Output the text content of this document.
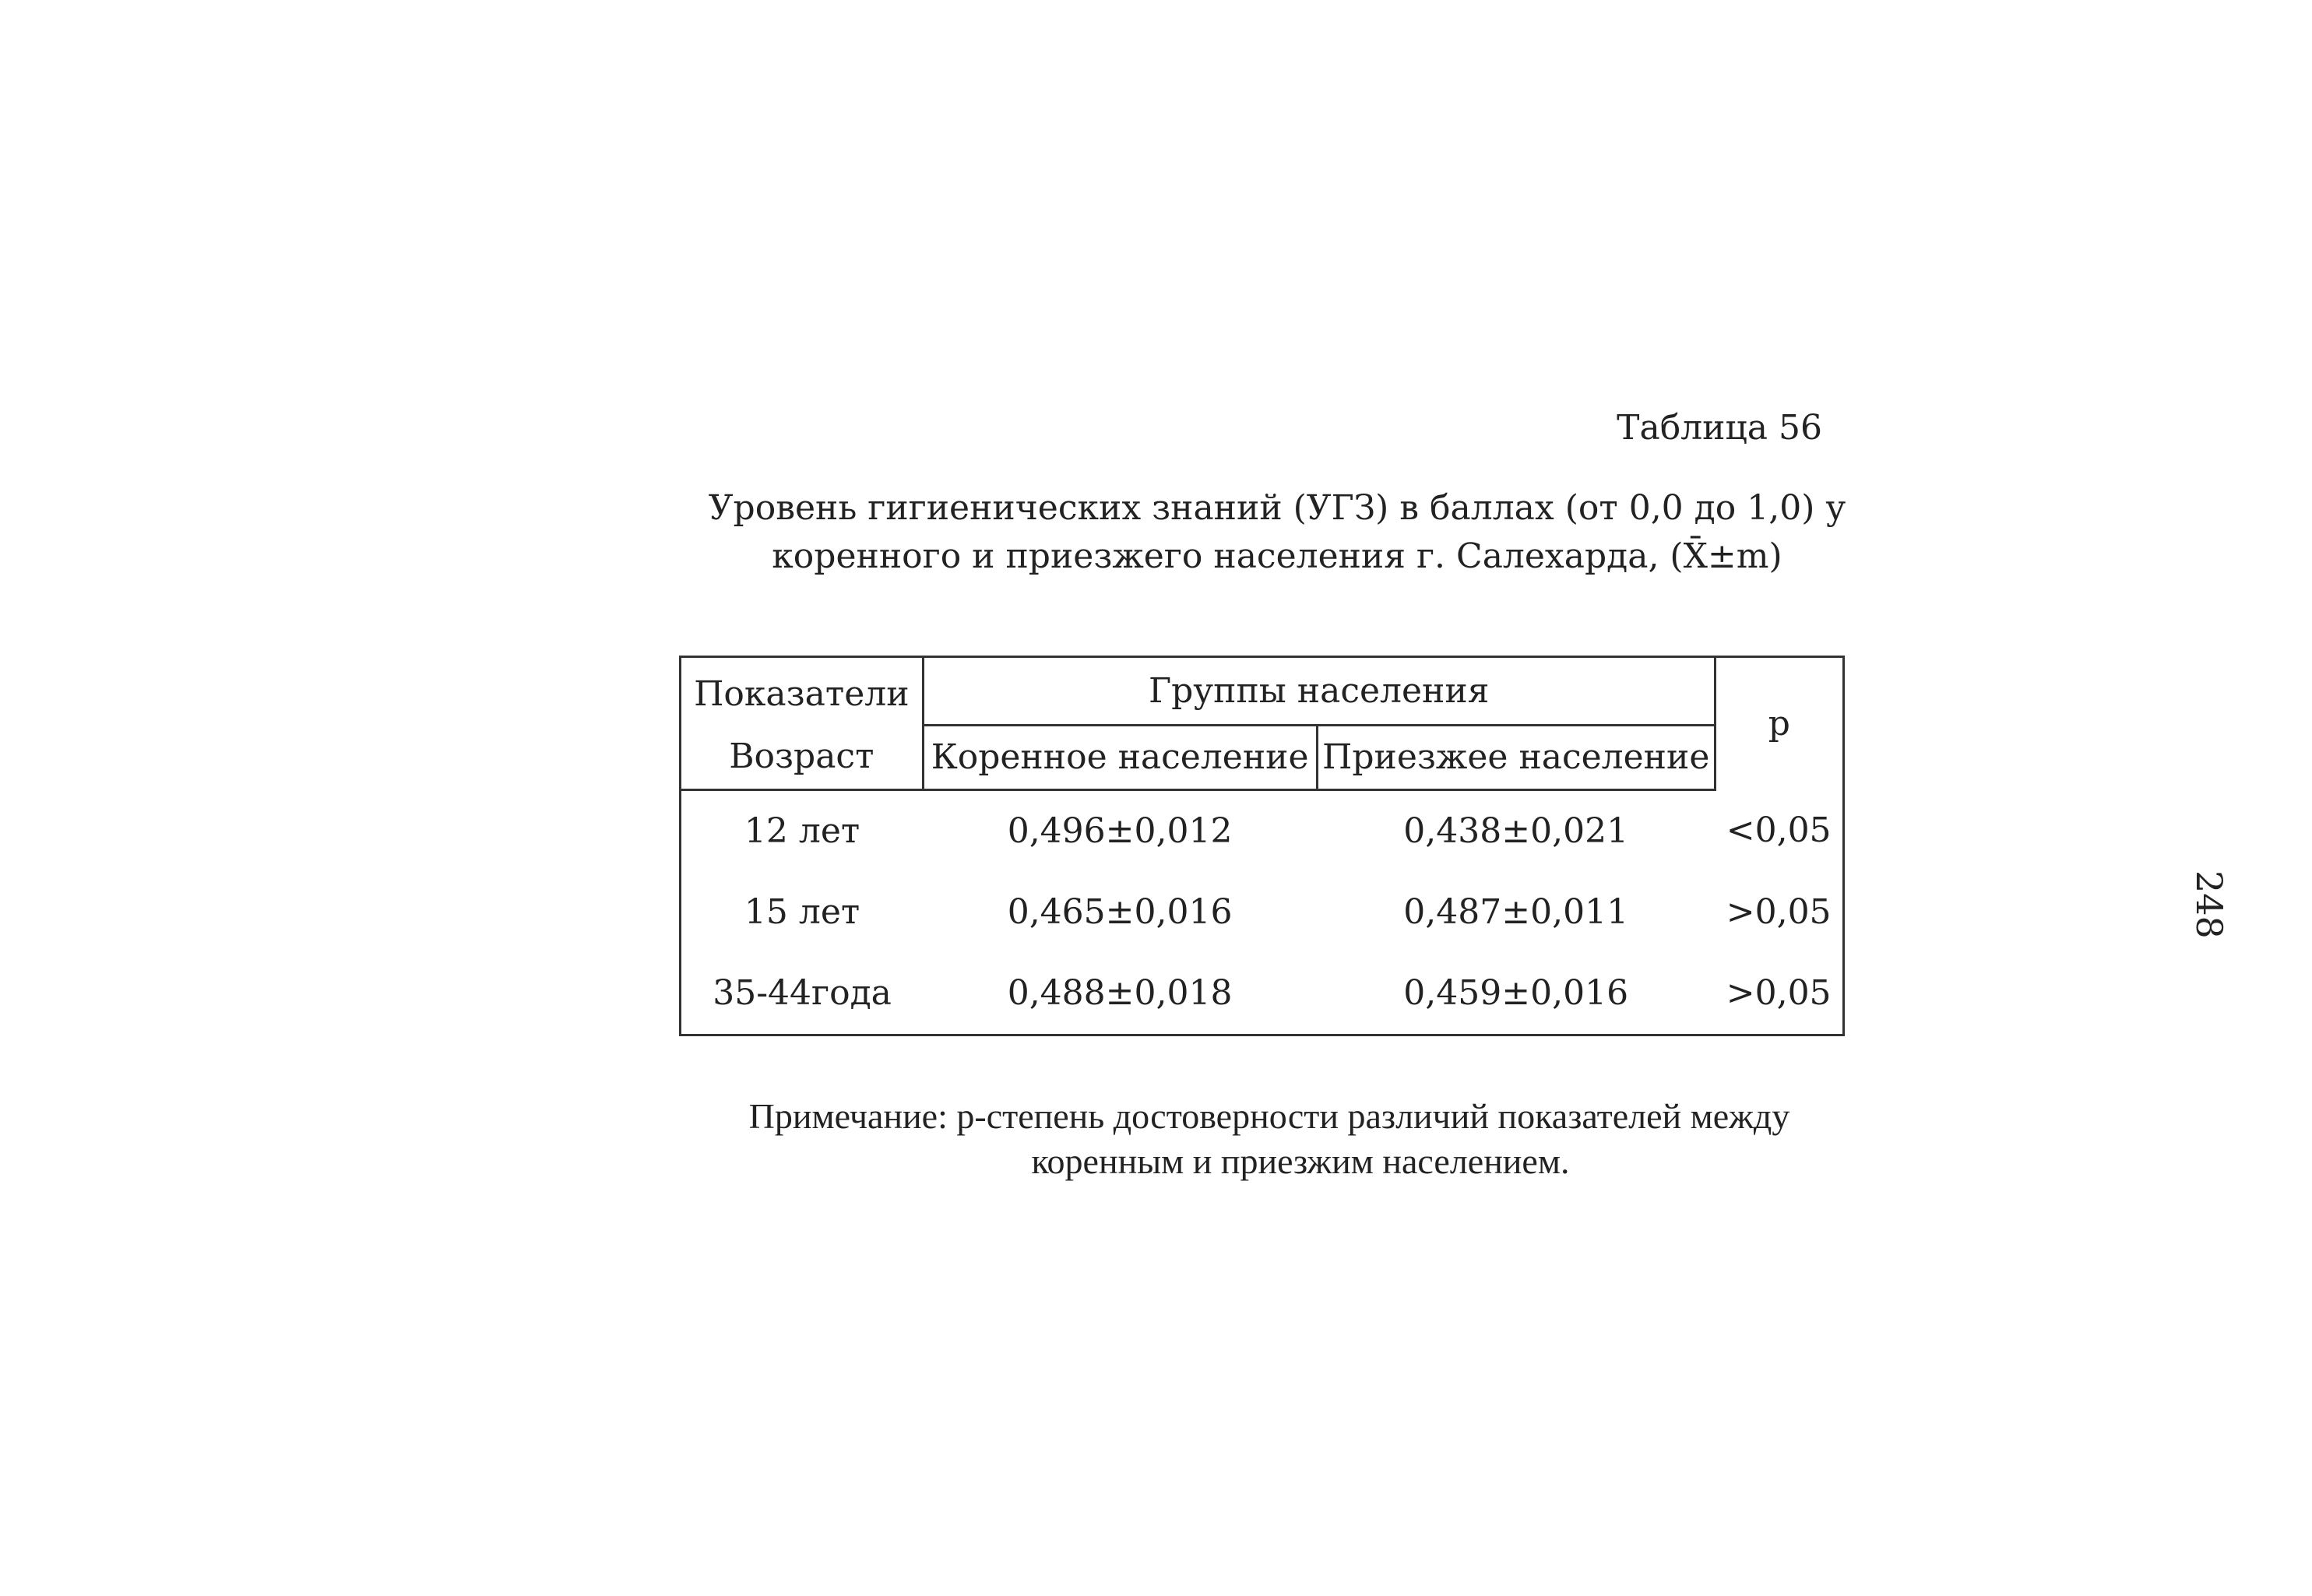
Таблица 56
Уровень гигиенических знаний (УГЗ) в баллах (от 0,0 до 1,0) у
коренного и приезжего населения г. Салехарда, (X̄±m)
Показатели	Группы населения		p
Возраст	Коренное население	Приезжее население	
12 лет	0,496±0,012	0,438±0,021	<0,05
15 лет	0,465±0,016	0,487±0,011	>0,05
35-44года	0,488±0,018	0,459±0,016	>0,05
248
Примечание: р-степень достоверности различий показателей между
коренным и приезжим населением.
